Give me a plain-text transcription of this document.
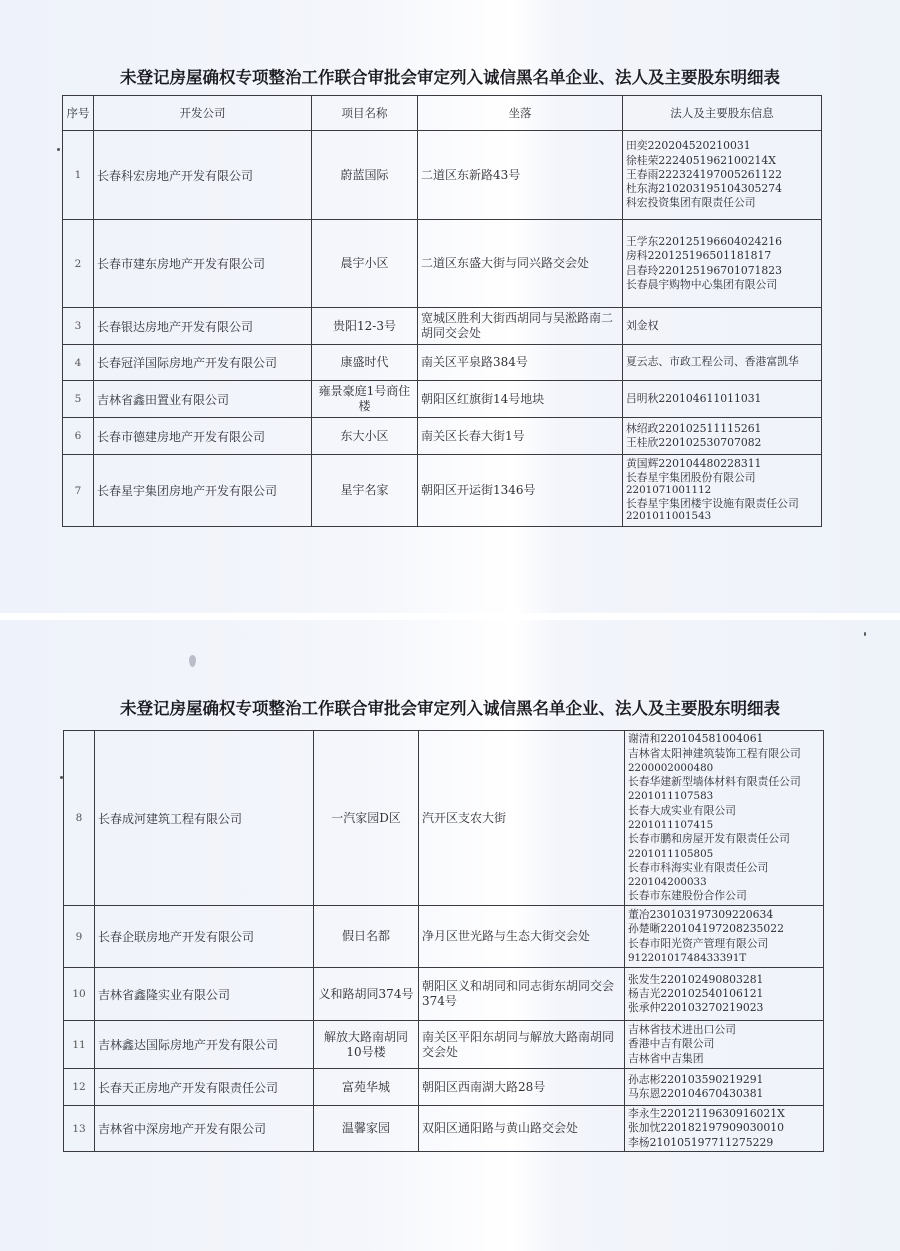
未登记房屋确权专项整治工作联合审批会审定列入诚信黑名单企业、法人及主要股东明细表
序号	开发公司	项目名称	坐落	法人及主要股东信息
1	长春科宏房地产开发有限公司	蔚蓝国际	二道区东新路43号	田奕220204520210031
徐桂荣2224051962100214X
王春雨222324197005261122
杜东海210203195104305274
科宏投资集团有限责任公司

2	长春市建东房地产开发有限公司	晨宇小区	二道区东盛大街与同兴路交会处	王学东220125196604024216
房科220125196501181817
吕春玲220125196701071823
长春晨宇购物中心集团有限公司

3	长春银达房地产开发有限公司	贵阳12-3号	宽城区胜利大街西胡同与吴淞路南二胡同交会处	刘金权

4	长春冠洋国际房地产开发有限公司	康盛时代	南关区平泉路384号	夏云志、市政工程公司、香港富凯华

5	吉林省鑫田置业有限公司	雍景豪庭1号商住楼	朝阳区红旗街14号地块	吕明秋220104611011031

6	长春市德建房地产开发有限公司	东大小区	南关区长春大街1号	林绍政220102511115261
王桂欣220102530707082

7	长春星宇集团房地产开发有限公司	星宇名家	朝阳区开运街1346号	黄国辉220104480228311
长春星宇集团股份有限公司
2201071001112
长春星宇集团楼宇设施有限责任公司
2201011001543
未登记房屋确权专项整治工作联合审批会审定列入诚信黑名单企业、法人及主要股东明细表
8	长春成河建筑工程有限公司	一汽家园D区	汽开区支农大街	
谢清和220104581004061
吉林省太阳神建筑装饰工程有限公司
2200002000480
长春华建新型墙体材料有限责任公司
2201011107583
长春大成实业有限公司
2201011107415
长春市鹏和房屋开发有限责任公司
2201011105805
长春市科海实业有限责任公司
220104200033
长春市东建股份合作公司

9	长春企联房地产开发有限公司	假日名都	净月区世光路与生态大街交会处	董冶230103197309220634
孙楚晰220104197208235022
长春市阳光资产管理有限公司
91220101748433391T

10	吉林省鑫隆实业有限公司	义和路胡同374号	朝阳区义和胡同和同志街东胡同交会374号	张发生220102490803281
杨吉光220102540106121
张承仲220103270219023

11	吉林鑫达国际房地产开发有限公司	解放大路南胡同10号楼	南关区平阳东胡同与解放大路南胡同交会处	吉林省技术进出口公司
香港中吉有限公司
吉林省中吉集团

12	长春天正房地产开发有限责任公司	富苑华城	朝阳区西南湖大路28号	孙志彬220103590219291
马东恩220104670430381

13	吉林省中深房地产开发有限公司	温馨家园	双阳区通阳路与黄山路交会处	李永生22012119630916021X
张加忱220182197909030010
李杨210105197711275229
